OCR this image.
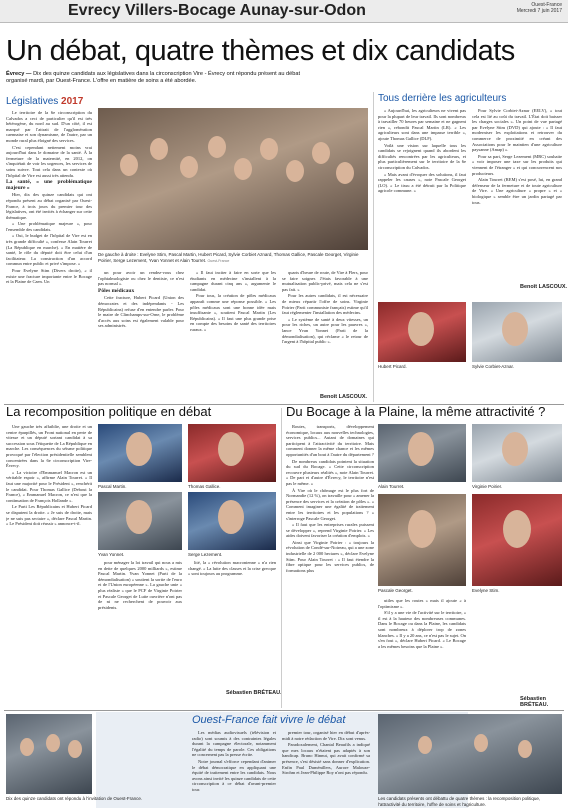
Evrecy Villers-Bocage Aunay-sur-Odon	Ouest-France
Mercredi 7 juin 2017
Un débat, quatre thèmes et dix candidats
Évrecy — Dix des quinze candidats aux législatives dans la circonscription Vire - Évrecy ont répondu présent au débat organisé mardi, par Ouest-France. L'offre en matière de soins a été abordée.
Législatives 2017

Le territoire de la 6e circonscription du Calvados a ceci de particulier qu'il est très hétérogène, du nord au sud. D'un côté, il est marqué par l'attrait de l'agglomération caennaise et son dynamisme, de l'autre, par un monde rural plus éloigné des services.

C'est cependant nettement moins vrai aujourd'hui dans le domaine de la santé. À la fermeture de la maternité, en 2012, on s'inquiétait de voir les urgences, les services de soins suivre. Tout cela dans un contexte où l'hôpital de Vire est aussi très attendu.

La santé, « une problématique majeure »

Hier, dix des quinze candidats qui ont répondu présent au débat organisé par Ouest-France, à trois jours du premier tour des législatives, ont été invités à échanger sur cette thématique.

« Une problématique majeure », pour l'ensemble des candidats.

« Oui, le budget de l'hôpital de Vire est en très grande difficulté », confesse Alain Tourret (La République en marche). « En matière de santé, le rôle du député doit être celui d'un facilitateur. La construction d'un accord commun entre public et privé s'impose. »

Pour Evelyne Stim (Divers droite), « il existe une fracture importante entre le Bocage et la Plaine de Caen. Un

De gauche à droite : Evelyne Stim, Pascal Martin, Hubert Picard, Sylvie Corbiet Aznard, Thomas Gallice, Pascale Georget, Virginie Poirier, Serge Lezement, Yvan Yonnet et Alain Tourret. Ouest-France

un pour avoir un rendez-vous chez l'ophtalmologiste ou chez le dentiste, ce n'est pas normal ».

Pôles médicaux

Cette fracture, Hubert Picard (Union des démocrates et des indépendants - Les Républicains) refuse d'en entendre parler. Pour le maire de Clinchamps-sur-Orne, le problème d'accès aux soins est également valable pour ses administrés.

« Il faut inciter à faire en sorte que les étudiants en médecine s'installent à la campagne durant cinq ans », argumente le candidat.

Pour tous, la création de pôles médicaux apparaît comme une réponse possible. « Les pôles médicaux sont une bonne idée mais insuffisante », soutient Pascal Martin (Les Républicains). « Il faut une plus grande prise en compte des besoins de santé des territoires ruraux. »

quarts d'heure de route, de Vire à Flers, pour se faire soigner. J'étais favorable à une mutualisation public-privé, mais cela ne s'est pas fait. »

Pour les autres candidats, il est nécessaire de mieux répartir l'offre de soins. Virginie Poirier (Parti communiste français) estime qu'il faut réglementer l'installation des médecins.

« Le système de santé à deux vitesses, un pour les riches, un autre pour les pauvres », lance Yvan Yonnet (Parti de la démondialisation), qui réclame « le retour de l'argent à l'hôpital public ».

Benoît LASCOUX.
Tous derrière les agriculteurs

« Aujourd'hui, les agriculteurs ne vivent pas pour la plupart de leur travail. Ils sont nombreux à travailler 70 heures par semaine et ne gagnent rien », rebondit Pascal Martin (LR). « Les agriculteurs sont dans une impasse terrible », ajoute Thomas Gallice (DLF).

Voilà une vision sur laquelle tous les candidats se rejoignent quand ils abordent les difficultés rencontrées par les agriculteurs, et plus particulièrement sur le territoire de la 6e circonscription du Calvados.

« Mais avant d'évoquer des solutions, il faut rappeler les causes », note Pascale Georget (LO). « Le tissu a été détruit par la Politique agricole commune. »

Pour Sylvie Corbiet-Aznar (EELV), « tout cela est lié au coût du travail. L'État doit baisser les charges sociales ». Un point de vue partagé par Evelyne Stim (DVD) qui ajoute : « Il faut moderniser les exploitations et retrouver du commerce de proximité en créant des Associations pour le maintien d'une agriculture paysanne (Amap) ».

Pour sa part, Serge Lezement (MRC) souhaite « voir imposer une taxe sur les produits qui viennent de l'étranger » et qui concurrencent nos producteurs.

Alain Tourret (REM) s'est posé, lui, en grand défenseur de la fermeture et de toute agriculture de Vire. « Une agriculture « propre » et « biologique » semble être un jardin partagé par tous.

Benoît LASCOUX.
Hubert Picard.	Sylvie Corbiet-Aznar.
La recomposition politique en débat

Une gauche très affaiblie, une droite et un centre éparpillés, un Front national en perte de vitesse et un député sortant candidat à sa succession sous l'étiquette de La République en marche. Les conséquences du séisme politique provoqué par l'élection présidentielle semblent concentrées dans la 6e circonscription Vire-Évrecy.

« La victoire d'Emmanuel Macron est un véritable espoir », affirme Alain Tourret. « Il faut une majorité pour le Président », renchérit le candidat. Pour Thomas Gallice (Debout la France), « Emmanuel Macron, ce n'est que la continuation de François Hollande ».

Le Parti Les Républicains et Hubert Picard se disputent la droite. « Je suis de droite, mais je ne suis pas sectaire », déclare Pascal Martin. « Le Président doit réussir » annonce-t-il.

Pascal Martin.	Thomas Gallice.
Yvan Yonnet.	Serge Lezement.

pour ménager la loi travail qui nous a mis en dette de quelques 2000 milliards », estime Pascal Martin. Yvan Yonnet (Parti de la démondialisation) « soutient la sortie de l'euro et de l'Union européenne ». La gauche unie « plus réaliste » que le PCF de Virginie Poirier et Pascale Georget de Lutte ouvrière n'ont pas de ni ne recherchent de pouvoir aux présidents.

lité, la « révolution macronienne » n'a rien changé. « La lutte des classes et la crise grecque » sont toujours au programme.

Sébastien BRÉTEAU.
Du Bocage à la Plaine, la même attractivité ?

Routes, transports, développement économique, locaux aux nouvelles technologies, services publics... Autant de domaines qui participent à l'attractivité du territoire. Mais comment donner la même chance et les mêmes opportunités d'un bout à l'autre du département ?

De nombreux candidats pointent la situation du sud du Bocage. « Cette circonscription recouvre plusieurs réalités », note Alain Tourret. « De part et d'autre d'Évrecy, le territoire n'est pas le même. »

À Vire où le chômage est le plus fort de Normandie (12 %), on travaille pour « amener la présence des services et la création de pôles ». « Comment imaginer une égalité de traitement entre les territoires et les populations ? » s'interroge Pascale Georget.

« Il faut que les entreprises rurales puissent se développer », reprend Virginie Poirier. « Les aides doivent favoriser la création d'emplois. »

Ainsi que Virginie Poirier : « toujours la révolution de Condé-sur-Noireau, qui a une zone industrielle de 2 000 hectares », déclare Evelyne Stim. Pour Alain Tourret : « Il faut étendre la fibre optique pour les services publics, de formations plus

Alain Tourret.	Virginie Poirier.
Pascale Georget.	Evelyne Stim.

utiles que les routes » mais il ajoute « à l'optimisme ».

S'il y a une vie de l'activité sur le territoire, « il est à la hauteur des nombreuses communes. Dans le Bocage ou dans la Plaine, les candidats sont nombreux à déplorer trop de zones blanches. « Il y a 20 ans, ce n'est pas le sujet. On s'en fout », déclare Hubert Picard. « Le Bocage a les mêmes besoins que la Plaine ».

Sébastien BRÉTEAU.
Dix des quinze candidats ont répondu à l'invitation de Ouest-France.
Ouest-France fait vivre le débat

Les médias audiovisuels (télévision et radio) sont soumis à des contraintes légales durant la campagne électorale, notamment l'égalité du temps de parole. Ces obligations ne concernent pas la presse écrite.

Notre journal s'efforce cependant d'animer le débat démocratique en appliquant une équité de traitement entre les candidats. Nous avons ainsi invité les quinze candidats de cette circonscription à ce débat d'avant-premier tour.

premier tour, organisé hier en début d'après-midi à notre rédaction de Vire. Dix sont venus.

Paradoxalement, Chantal Beaufils a indiqué que mes locaux n'étaient pas adaptés à son handicap. Bruno Hinnut, qui avait confirmé sa présence, s'est désisté sans donner d'explication. Enfin Paul Duménillers, Aurore Malouze-Strohm et Jean-Philippe Roy n'ont pas répondu.

Les candidats présents ont débattu de quatre thèmes : la recomposition politique, l'attractivité du territoire, l'offre de soins et l'agriculture.
